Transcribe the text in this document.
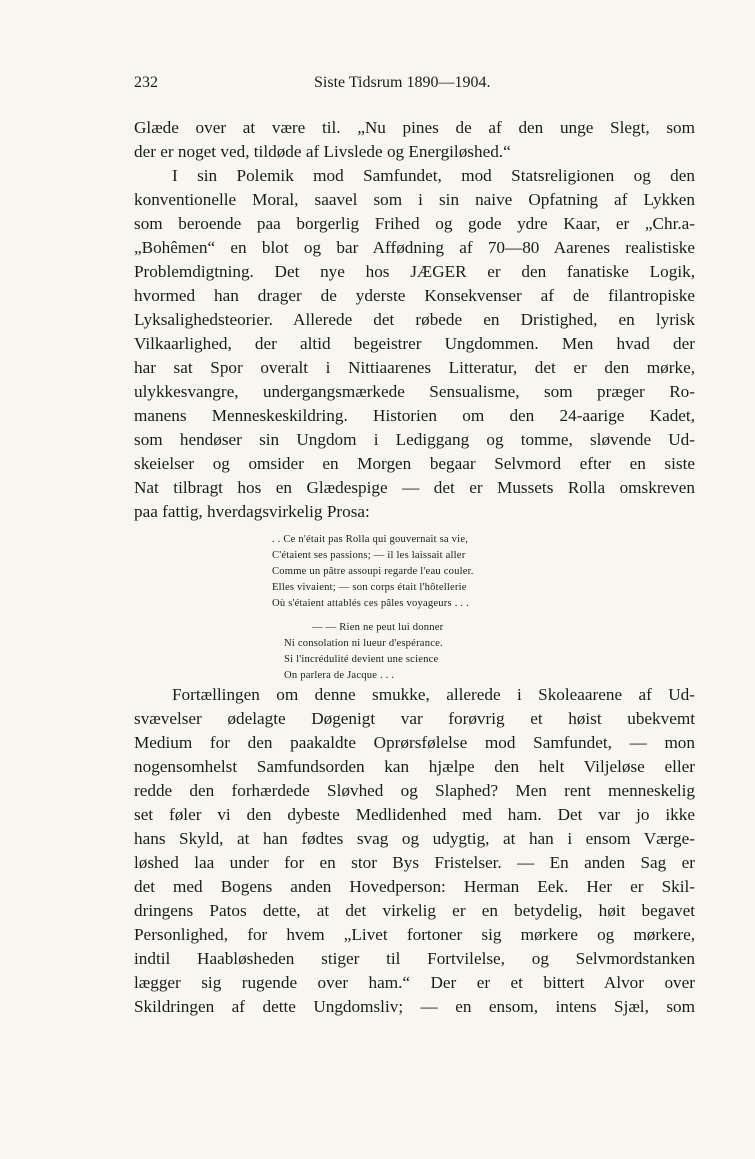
232	Siste Tidsrum 1890—1904.
Glæde over at være til. „Nu pines de af den unge Slegt, som
der er noget ved, tildøde af Livslede og Energiløshed.“
I sin Polemik mod Samfundet, mod Statsreligionen og den
konventionelle Moral, saavel som i sin naive Opfatning af Lykken
som beroende paa borgerlig Frihed og gode ydre Kaar, er „Chr.a-
„Bohêmen“ en blot og bar Affødning af 70—80 Aarenes realistiske
Problemdigtning. Det nye hos JÆGER er den fanatiske Logik,
hvormed han drager de yderste Konsekvenser af de filantropiske
Lyksalighedsteorier. Allerede det røbede en Dristighed, en lyrisk
Vilkaarlighed, der altid begeistrer Ungdommen. Men hvad der
har sat Spor overalt i Nittiaarenes Litteratur, det er den mørke,
ulykkesvangre, undergangsmærkede Sensualisme, som præger Ro-
manens Menneskeskildring. Historien om den 24-aarige Kadet,
som hendøser sin Ungdom i Lediggang og tomme, sløvende Ud-
skeielser og omsider en Morgen begaar Selvmord efter en siste
Nat tilbragt hos en Glædespige — det er Mussets Rolla omskreven
paa fattig, hverdagsvirkelig Prosa:
. . Ce n'était pas Rolla qui gouvernait sa vie,
C'étaient ses passions; — il les laissait aller
Comme un pâtre assoupi regarde l'eau couler.
Elles vivaient; — son corps était l'hôtellerie
Où s'étaient attablés ces pâles voyageurs . . .
— — Rien ne peut lui donner
Ni consolation ni lueur d'espérance.
Si l'incrédulité devient une science
On parlera de Jacque . . .
Fortællingen om denne smukke, allerede i Skoleaarene af Ud-
svævelser ødelagte Døgenigt var forøvrig et høist ubekvemt
Medium for den paakaldte Oprørsfølelse mod Samfundet, — mon
nogensomhelst Samfundsorden kan hjælpe den helt Viljeløse eller
redde den forhærdede Sløvhed og Slaphed? Men rent menneskelig
set føler vi den dybeste Medlidenhed med ham. Det var jo ikke
hans Skyld, at han fødtes svag og udygtig, at han i ensom Værge-
løshed laa under for en stor Bys Fristelser. — En anden Sag er
det med Bogens anden Hovedperson: Herman Eek. Her er Skil-
dringens Patos dette, at det virkelig er en betydelig, høit begavet
Personlighed, for hvem „Livet fortoner sig mørkere og mørkere,
indtil Haabløsheden stiger til Fortvilelse, og Selvmordstanken
lægger sig rugende over ham.“ Der er et bittert Alvor over
Skildringen af dette Ungdomsliv; — en ensom, intens Sjæl, som
